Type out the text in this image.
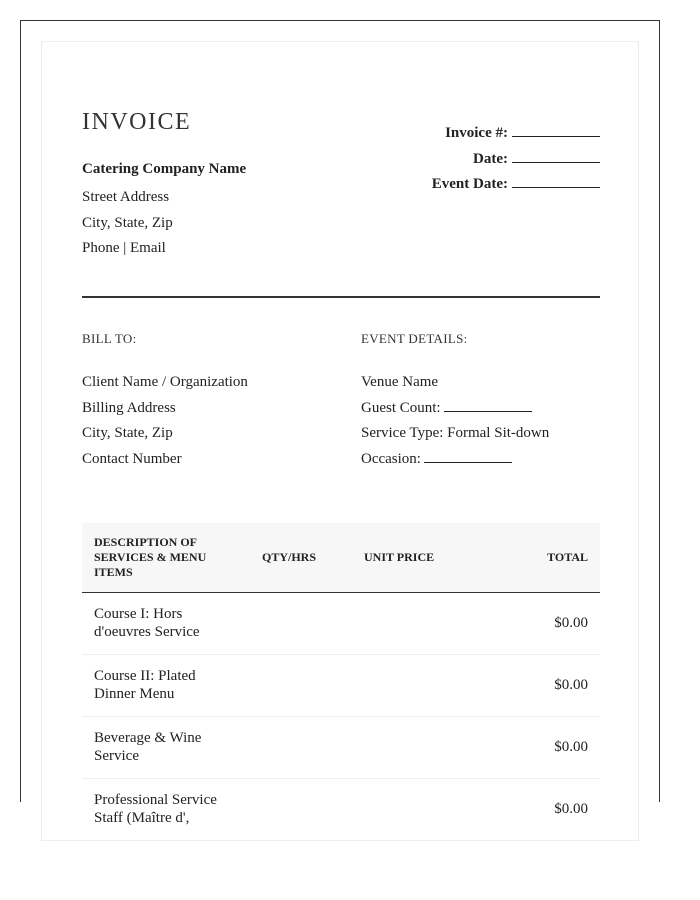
INVOICE
Catering Company Name
Street Address
City, State, Zip
Phone | Email
Invoice #:
Date:
Event Date:
BILL TO:
Client Name / Organization
Billing Address
City, State, Zip
Contact Number
EVENT DETAILS:
Venue Name
Guest Count:
Service Type: Formal Sit-down
Occasion:
DESCRIPTION OF SERVICES & MENU ITEMS	QTY/HRS	UNIT PRICE	TOTAL
Course I: Hors d'oeuvres Service			$0.00
Course II: Plated Dinner Menu			$0.00
Beverage & Wine Service			$0.00
Professional Service Staff (Maître d',			$0.00
